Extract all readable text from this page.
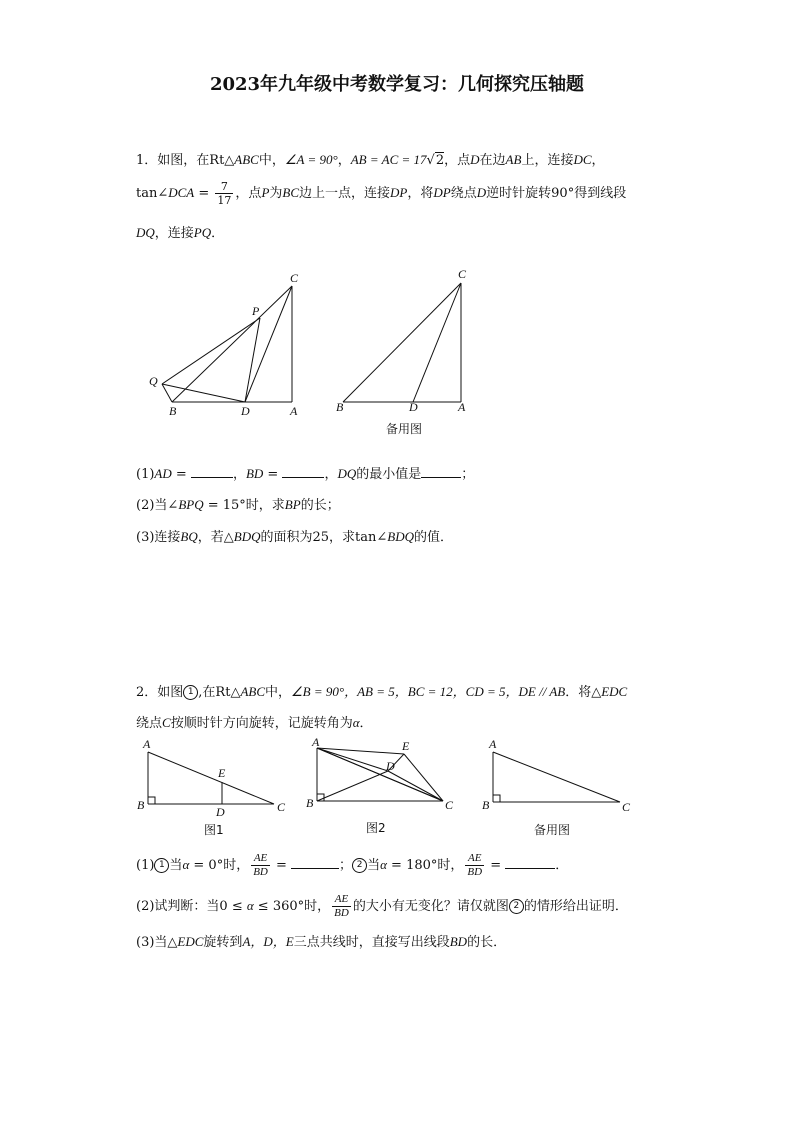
2023年九年级中考数学复习：几何探究压轴题
1．如图，在Rt△ABC中，∠A = 90°，AB = AC = 17√2，点D在边AB上，连接DC，
tan∠DCA = $\frac{7}{17}$ ，点P为BC边上一点，连接DP，将DP绕点D逆时针旋转90°得到线段
DQ，连接PQ．
C
P
Q
B	D	A
C
B	D	A
备用图
(1)AD =	，BD =	，DQ的最小值是	；
(2)当∠BPQ = 15°时，求BP的长；
(3)连接BQ，若△BDQ的面积为25，求tan∠BDQ的值．
2．如图 1 ,在Rt△ABC中，∠B = 90°，AB = 5，BC = 12，CD = 5，DE // AB．将△EDC
绕点C按顺时针方向旋转，记旋转角为α．
A
B	C
E
D
图1
A	E
D
B	C
图2
A
B	C
备用图
(1) 1 当α = 0°时， $\frac{AE}{BD}$ =	； 2 当α = 180°时， $\frac{AE}{BD}$ =	．
(2)试判断：当0 ≤ α ≤ 360°时， $\frac{AE}{BD}$ 的大小有无变化？请仅就图 2 的情形给出证明．
(3)当△EDC旋转到A，D，E三点共线时，直接写出线段BD的长．
